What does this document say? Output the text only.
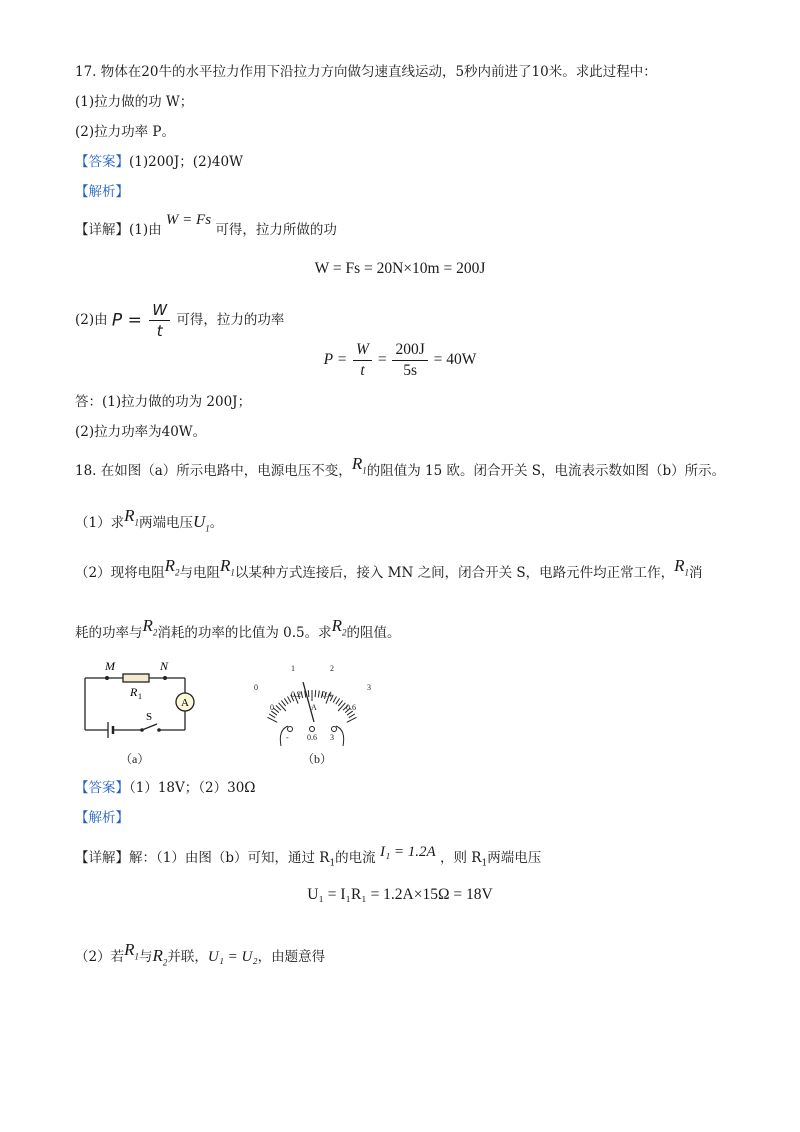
17. 物体在20牛的水平拉力作用下沿拉力方向做匀速直线运动，5秒内前进了10米。求此过程中：
(1)拉力做的功 W；
(2)拉力功率 P。
【答案】(1)200J；(2)40W
【解析】
【详解】(1)由 W = Fs 可得，拉力所做的功
W = Fs = 20N×10m = 200J
(2)由 $P = \frac{W}{t}$ 可得，拉力的功率
$P = \frac{W}{t} = \frac{200J}{5s} = 40W$
答：(1)拉力做的功为 200J；
(2)拉力功率为40W。
18. 在如图（a）所示电路中，电源电压不变，$R_1$的阻值为 15 欧。闭合开关 S，电流表示数如图（b）所示。
（1）求$R_1$两端电压$U_1$。
（2）现将电阻$R_2$与电阻$R_1$以某种方式连接后，接入 MN 之间，闭合开关 S，电路元件均正常工作，$R_1$消
耗的功率与$R_2$消耗的功率的比值为 0.5。求$R_2$的阻值。
M	N
R 1
A
S
（a）
0
1	2
3
0
0.2	0.4
0.6
A
- 0.6 3
（b）
【答案】（1）18V；（2）30Ω
【解析】
【详解】解：（1）由图（b）可知，通过 $R_1$的电流 I₁ = 1.2A ，则 $R_1$两端电压
U₁ = I₁R₁ = 1.2A×15Ω = 18V
（2）若$R_1$与$R_2$并联，U₁ = U₂，由题意得
